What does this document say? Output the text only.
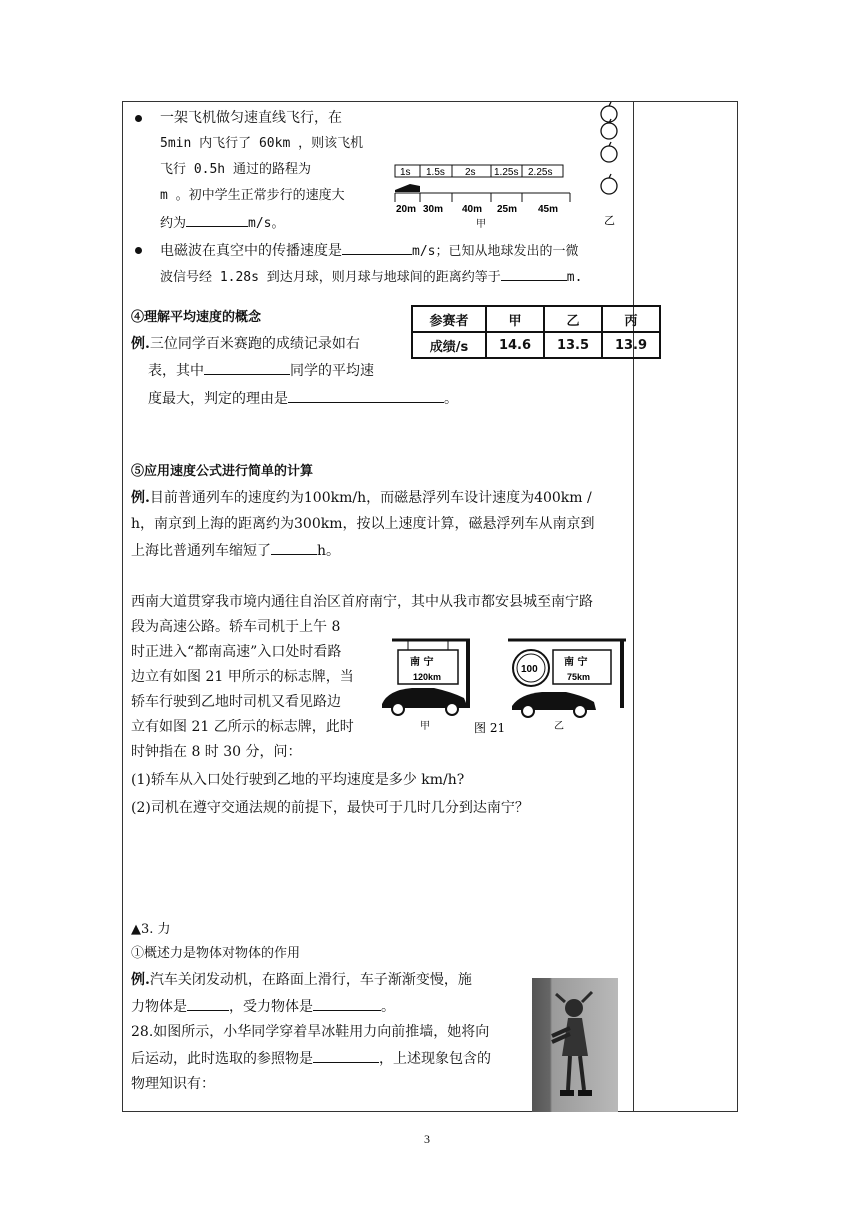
一架飞机做匀速直线飞行，在
5min 内飞行了 60km ，则该飞机
飞行 0.5h 通过的路程为
m 。初中学生正常步行的速度大
约为	m/s。
1s 1.5s 2s 1.25s 2.25s
20m 30m 40m 25m 45m
甲	乙
电磁波在真空中的传播速度是	m/s；已知从地球发出的一微
波信号经 1.28s 到达月球，则月球与地球间的距离约等于	m.
④理解平均速度的概念
例.三位同学百米赛跑的成绩记录如右
表，其中	同学的平均速
度最大，判定的理由是	。
参赛者	甲	乙	丙
成绩/s	14.6	13.5	13.9
⑤应用速度公式进行简单的计算
例.目前普通列车的速度约为100km/h，而磁悬浮列车设计速度为400km /
h，南京到上海的距离约为300km，按以上速度计算，磁悬浮列车从南京到
上海比普通列车缩短了	h。
西南大道贯穿我市境内通往自治区首府南宁，其中从我市都安县城至南宁路
段为高速公路。轿车司机于上午 8
时正进入“都南高速”入口处时看路
边立有如图 21 甲所示的标志牌，当
轿车行驶到乙地时司机又看见路边
立有如图 21 乙所示的标志牌，此时
时钟指在 8 时 30 分，问：
(1)轿车从入口处行驶到乙地的平均速度是多少 km/h?
(2)司机在遵守交通法规的前提下，最快可于几时几分到达南宁？
南 宁
120km
甲	图 21
100
南 宁
75km
乙
▲3. 力
①概述力是物体对物体的作用
例.汽车关闭发动机，在路面上滑行，车子渐渐变慢，施
力物体是	，受力物体是	。
28.如图所示，小华同学穿着旱冰鞋用力向前推墙，她将向
后运动，此时选取的参照物是	，上述现象包含的
物理知识有：
3
